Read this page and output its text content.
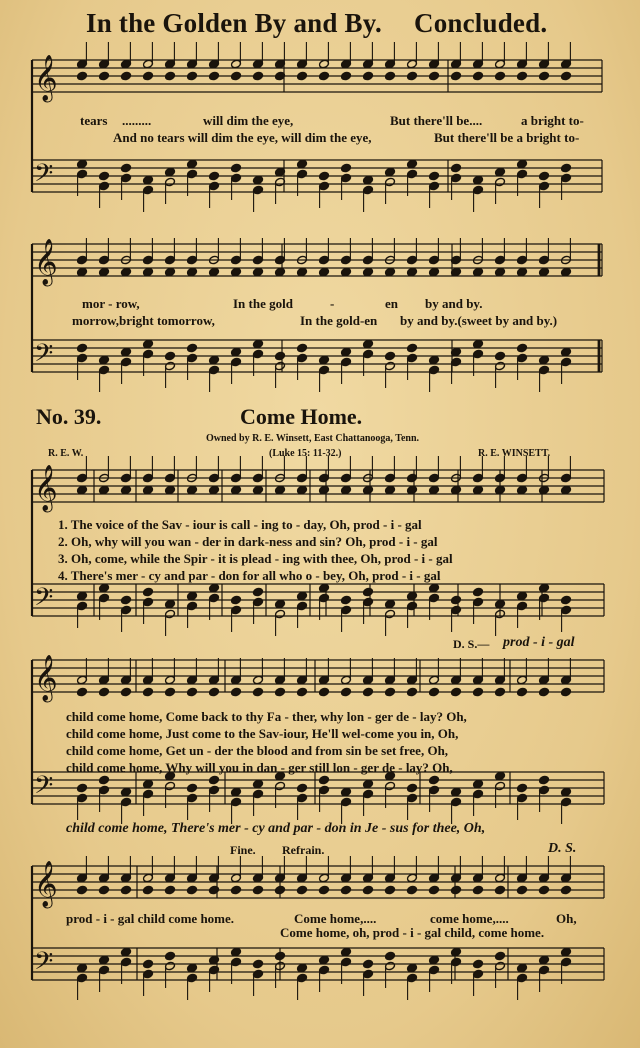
In the Golden By and By. Concluded.
𝄞
𝄢
𝄞
𝄢
𝄞
𝄢
𝄞
𝄢
𝄞
𝄢
tears .........	will dim the eye,	But there'll be....	a bright to-
And no tears will dim the eye, will dim the eye,	But there'll be a bright to-
mor - row,	In the gold	-	en by and by.
morrow,bright tomorrow,	In the gold-en by and by.(sweet by and by.)
No. 39.	Come Home.
Owned by R. E. Winsett, East Chattanooga, Tenn.
(Luke 15: 11-32.)
R. E. W.	R. E. WINSETT.
1. The voice of the Sav - iour is call - ing to - day, Oh, prod - i - gal
2. Oh, why will you wan - der in dark-ness and sin? Oh, prod - i - gal
3. Oh, come, while the Spir - it is plead - ing with thee, Oh, prod - i - gal
4. There's mer - cy and par - don for all who o - bey, Oh, prod - i - gal
D. S.— prod - i - gal
child come home, Come back to thy Fa - ther, why lon - ger de - lay? Oh,
child come home, Just come to the Sav-iour, He'll wel-come you in, Oh,
child come home, Get un - der the blood and from sin be set free, Oh,
child come home, Why will you in dan - ger still lon - ger de - lay? Oh,
child come home, There's mer - cy and par - don in Je - sus for thee, Oh,
Fine. Refrain.	D. S.
prod - i - gal child come home.	Come home,....	come home,....	Oh,
Come home, oh, prod - i - gal child, come home.
